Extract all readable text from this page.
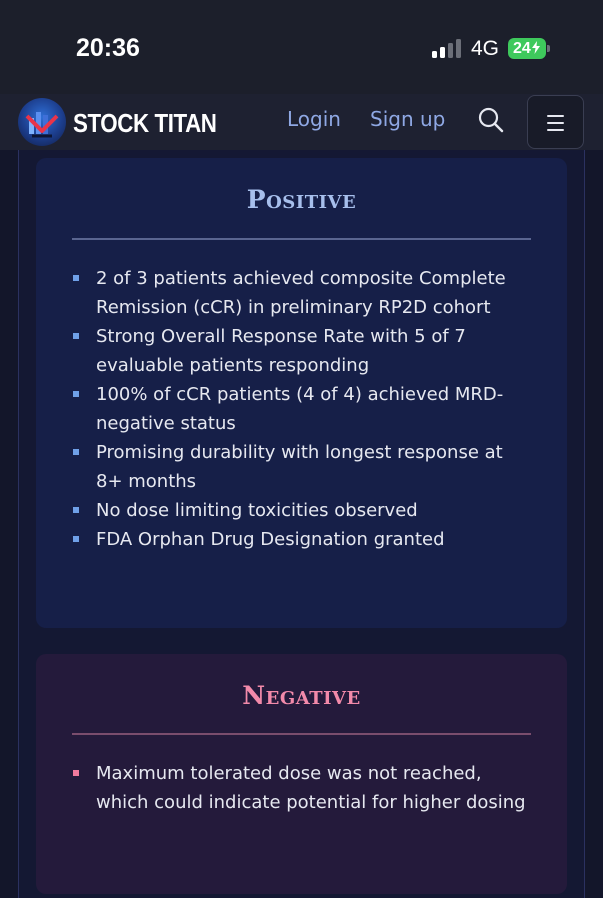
20:36	4G 24
STOCK TITAN	Login Sign up
Positive
2 of 3 patients achieved composite Complete Remission (cCR) in preliminary RP2D cohort
Strong Overall Response Rate with 5 of 7 evaluable patients responding
100% of cCR patients (4 of 4) achieved MRD-negative status
Promising durability with longest response at 8+ months
No dose limiting toxicities observed
FDA Orphan Drug Designation granted
Negative
Maximum tolerated dose was not reached, which could indicate potential for higher dosing
